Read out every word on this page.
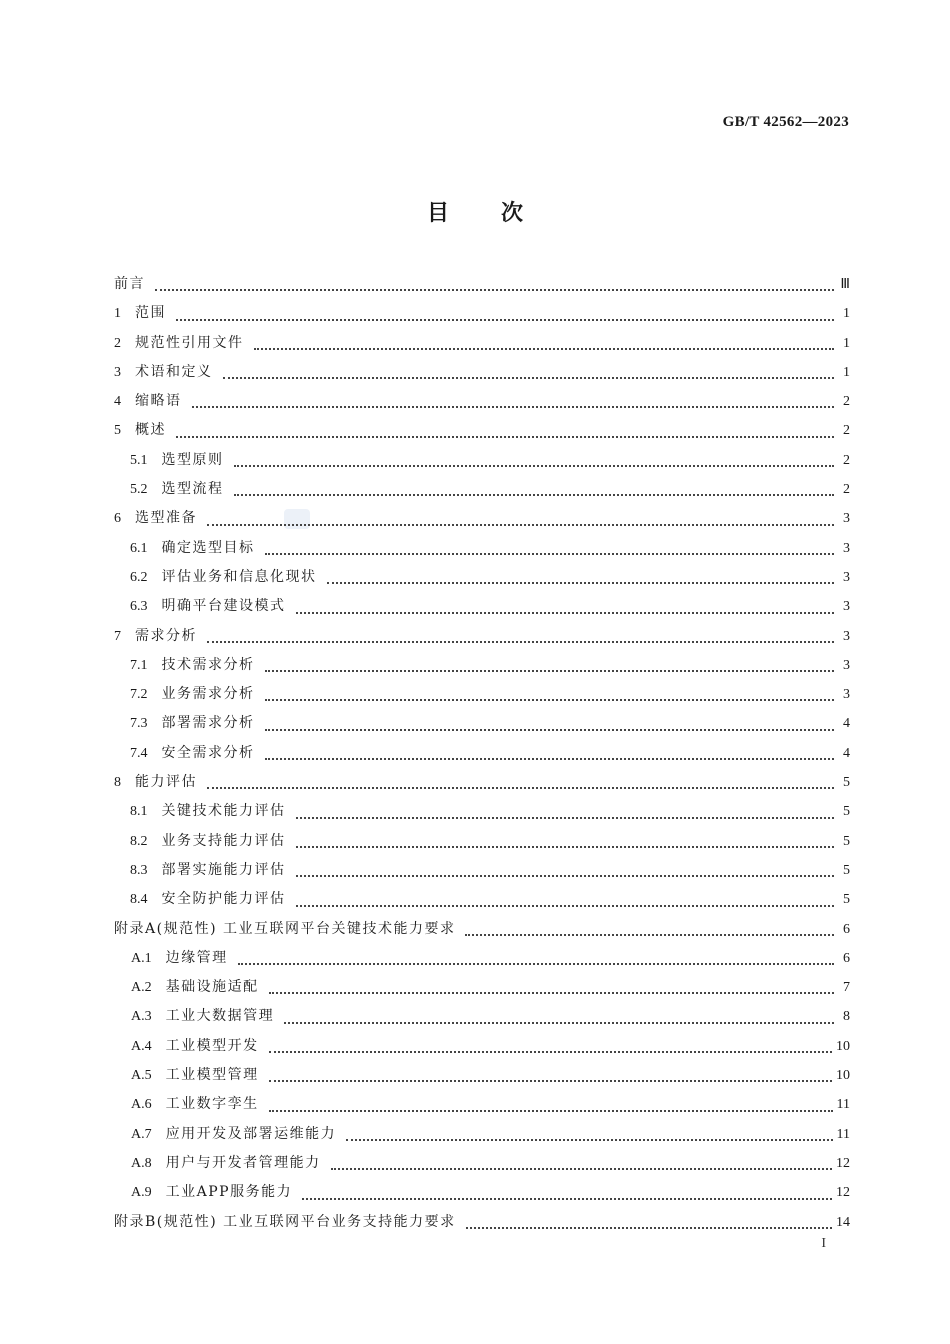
GB/T 42562—2023
目 次
前言	Ⅲ
1 范围	1
2 规范性引用文件	1
3 术语和定义	1
4 缩略语	2
5 概述	2
5.1 选型原则	2
5.2 选型流程	2
6 选型准备	3
6.1 确定选型目标	3
6.2 评估业务和信息化现状	3
6.3 明确平台建设模式	3
7 需求分析	3
7.1 技术需求分析	3
7.2 业务需求分析	3
7.3 部署需求分析	4
7.4 安全需求分析	4
8 能力评估	5
8.1 关键技术能力评估	5
8.2 业务支持能力评估	5
8.3 部署实施能力评估	5
8.4 安全防护能力评估	5
附录A(规范性) 工业互联网平台关键技术能力要求	6
A.1 边缘管理	6
A.2 基础设施适配	7
A.3 工业大数据管理	8
A.4 工业模型开发	10
A.5 工业模型管理	10
A.6 工业数字孪生	11
A.7 应用开发及部署运维能力	11
A.8 用户与开发者管理能力	12
A.9 工业APP服务能力	12
附录B(规范性) 工业互联网平台业务支持能力要求	14
I
